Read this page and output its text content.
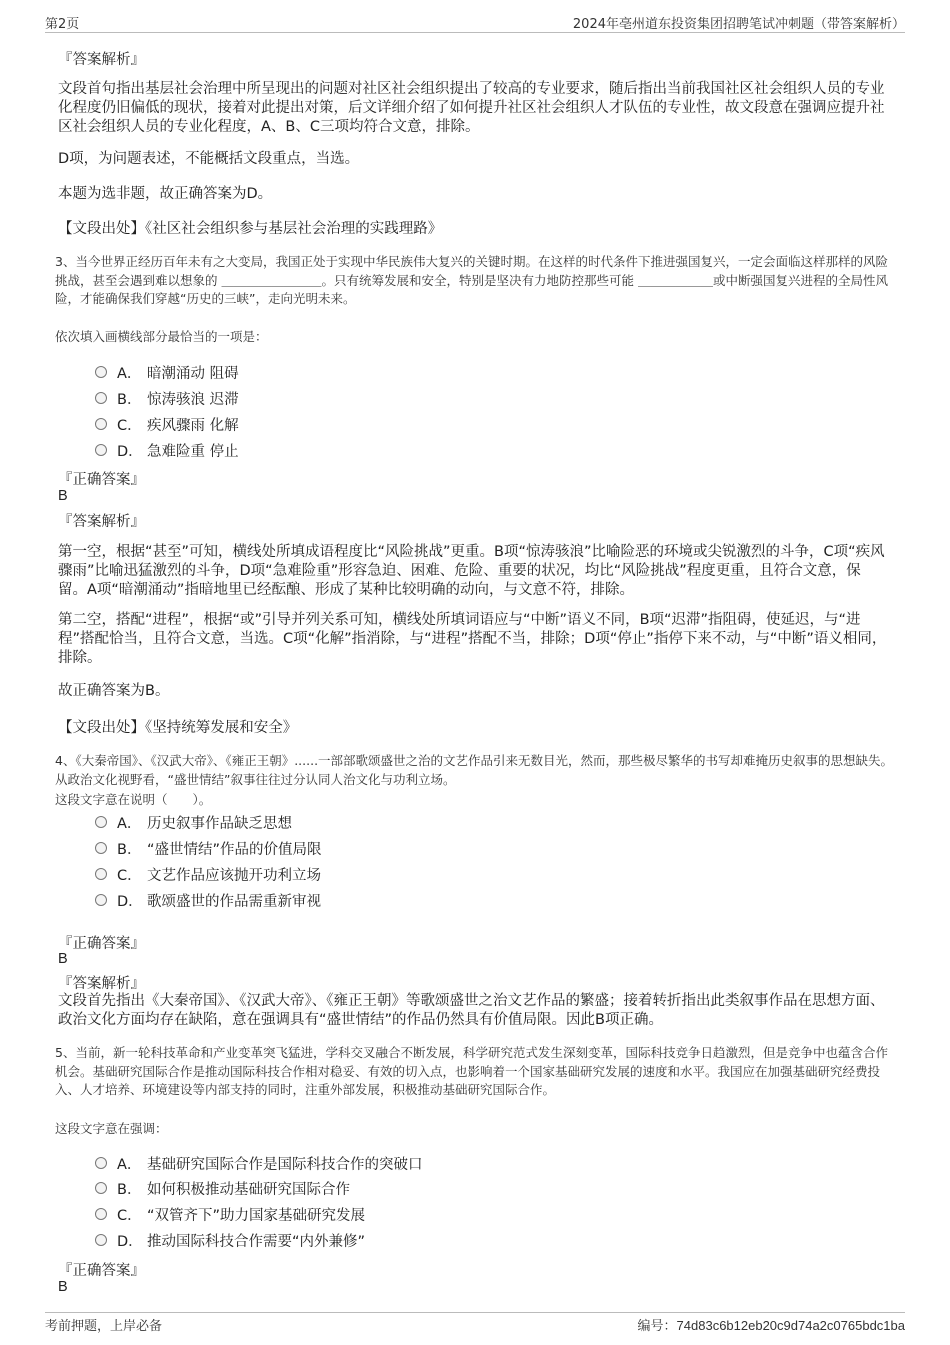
第2页	2024年亳州道东投资集团招聘笔试冲刺题（带答案解析）
『答案解析』
文段首句指出基层社会治理中所呈现出的问题对社区社会组织提出了较高的专业要求，随后指出当前我国社区社会组织人员的专业化程度仍旧偏低的现状，接着对此提出对策，后文详细介绍了如何提升社区社会组织人才队伍的专业性，故文段意在强调应提升社区社会组织人员的专业化程度，A、B、C三项均符合文意，排除。
D项，为问题表述，不能概括文段重点，当选。
本题为选非题，故正确答案为D。
【文段出处】《社区社会组织参与基层社会治理的实践理路》
3、当今世界正经历百年未有之大变局，我国正处于实现中华民族伟大复兴的关键时期。在这样的时代条件下推进强国复兴，一定会面临这样那样的风险挑战，甚至会遇到难以想象的 ＿＿＿＿＿＿＿＿。只有统筹发展和安全，特别是坚决有力地防控那些可能 ＿＿＿＿＿＿或中断强国复兴进程的全局性风险，才能确保我们穿越“历史的三峡”，走向光明未来。
依次填入画横线部分最恰当的一项是：
A． 暗潮涌动 阻碍
B． 惊涛骇浪 迟滞
C． 疾风骤雨 化解
D． 急难险重 停止
『正确答案』
B
『答案解析』
第一空，根据“甚至”可知，横线处所填成语程度比“风险挑战”更重。B项“惊涛骇浪”比喻险恶的环境或尖锐激烈的斗争，C项“疾风骤雨”比喻迅猛激烈的斗争，D项“急难险重”形容急迫、困难、危险、重要的状况，均比“风险挑战”程度更重，且符合文意，保留。A项“暗潮涌动”指暗地里已经酝酿、形成了某种比较明确的动向，与文意不符，排除。
第二空，搭配“进程”，根据“或”引导并列关系可知，横线处所填词语应与“中断”语义不同，B项“迟滞”指阻碍，使延迟，与“进程”搭配恰当，且符合文意，当选。C项“化解”指消除，与“进程”搭配不当，排除；D项“停止”指停下来不动，与“中断”语义相同，排除。
故正确答案为B。
【文段出处】《坚持统筹发展和安全》
4、《大秦帝国》、《汉武大帝》、《雍正王朝》......一部部歌颂盛世之治的文艺作品引来无数目光，然而，那些极尽繁华的书写却难掩历史叙事的思想缺失。从政治文化视野看，“盛世情结”叙事往往过分认同人治文化与功利立场。
这段文字意在说明（　　）。
A． 历史叙事作品缺乏思想
B． “盛世情结”作品的价值局限
C． 文艺作品应该抛开功利立场
D． 歌颂盛世的作品需重新审视
『正确答案』
B
『答案解析』
文段首先指出《大秦帝国》、《汉武大帝》、《雍正王朝》等歌颂盛世之治文艺作品的繁盛；接着转折指出此类叙事作品在思想方面、政治文化方面均存在缺陷，意在强调具有“盛世情结”的作品仍然具有价值局限。因此B项正确。
5、当前，新一轮科技革命和产业变革突飞猛进，学科交叉融合不断发展，科学研究范式发生深刻变革，国际科技竞争日趋激烈，但是竞争中也蕴含合作机会。基础研究国际合作是推动国际科技合作相对稳妥、有效的切入点，也影响着一个国家基础研究发展的速度和水平。我国应在加强基础研究经费投入、人才培养、环境建设等内部支持的同时，注重外部发展，积极推动基础研究国际合作。
这段文字意在强调：
A． 基础研究国际合作是国际科技合作的突破口
B． 如何积极推动基础研究国际合作
C． “双管齐下”助力国家基础研究发展
D． 推动国际科技合作需要“内外兼修”
『正确答案』
B
考前押题，上岸必备	编号：74d83c6b12eb20c9d74a2c0765bdc1ba
